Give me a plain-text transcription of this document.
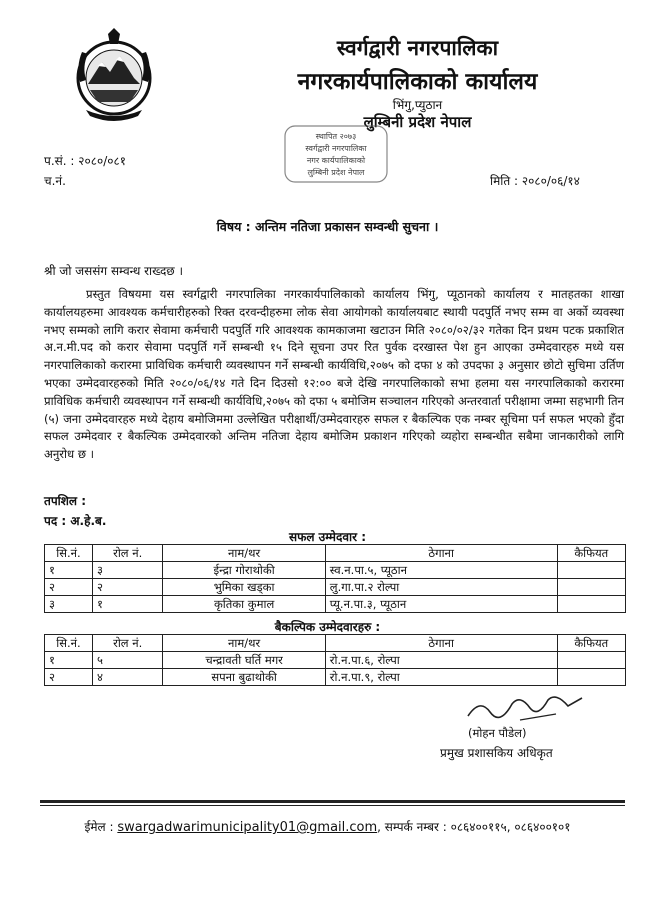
स्वर्गद्वारी नगरपालिका
नगरकार्यपालिकाको कार्यालय
भिंगु,प्युठान
लुम्बिनी प्रदेश नेपाल
स्थापित २०७३
स्वर्गद्वारी नगरपालिका
नगर कार्यपालिकाको
लुम्बिनी प्रदेश नेपाल
प.सं. : २०८०/०८१
च.नं.	मिति : २०८०/०६/१४
विषय : अन्तिम नतिजा प्रकासन सम्वन्धी सुचना ।
श्री जो जससंग सम्वन्ध राख्दछ ।
प्रस्तुत विषयमा यस स्वर्गद्वारी नगरपालिका नगरकार्यपालिकाको कार्यालय भिंगु, प्यूठानको कार्यालय र मातहतका शाखा कार्यालयहरुमा आवश्यक कर्मचारीहरुको रिक्त दरवन्दीहरुमा लोक सेवा आयोगको कार्यालयबाट स्थायी पदपुर्ति नभए सम्म वा अर्को व्यवस्था नभए सम्मको लागि करार सेवामा कर्मचारी पदपुर्ति गरि आवश्यक कामकाजमा खटाउन मिति २०८०/०२/३२ गतेका दिन प्रथम पटक प्रकाशित अ.न.मी.पद को करार सेवामा पदपुर्ति गर्ने सम्बन्धी १५ दिने सूचना उपर रित पुर्वक दरखास्त पेश हुन आएका उम्मेदवारहरु मध्ये यस नगरपालिकाको करारमा प्राविधिक कर्मचारी व्यवस्थापन गर्ने सम्बन्धी कार्यविधि,२०७५ को दफा ४ को उपदफा ३ अनुसार छोटो सुचिमा उर्तिण भएका उम्मेदवारहरुको मिति २०८०/०६/१४ गते दिन दिउसो १२:०० बजे देखि नगरपालिकाको सभा हलमा यस नगरपालिकाको करारमा प्राविधिक कर्मचारी व्यवस्थापन गर्ने सम्बन्धी कार्यविधि,२०७५ को दफा ५ बमोजिम सञ्चालन गरिएको अन्तरवार्ता परीक्षामा जम्मा सहभागी तिन (५) जना उम्मेदवारहरु मध्ये देहाय बमोजिममा उल्लेखित परीक्षार्थी/उम्मेदवारहरु सफल र बैकल्पिक एक नम्बर सूचिमा पर्न सफल भएको हुँदा सफल उम्मेदवार र बैकल्पिक उम्मेदवारको अन्तिम नतिजा देहाय बमोजिम प्रकाशन गरिएको व्यहोरा सम्बन्धीत सबैमा जानकारीको लागि अनुरोध छ ।
तपशिल :
पद : अ.हे.ब.
सफल उम्मेदवार :
सि.नं.	रोल नं.	नाम/थर	ठेगाना	कैफियत
१	३	ईन्द्रा गोराथोकी	स्व.न.पा.५, प्यूठान	
२	२	भुमिका खड्का	लु.गा.पा.२ रोल्पा	
३	१	कृतिका कुमाल	प्यू.न.पा.३, प्यूठान	
बैकल्पिक उम्मेदवारहरु :
सि.नं.	रोल नं.	नाम/थर	ठेगाना	कैफियत
१	५	चन्द्रावती घर्ति मगर	रो.न.पा.६, रोल्पा	
२	४	सपना बुढाथोकी	रो.न.पा.९, रोल्पा	
(मोहन पौडेल)
प्रमुख प्रशासकिय अधिकृत
ईमेल : swargadwarimunicipality01@gmail.com, सम्पर्क नम्बर : ०८६४००११५, ०८६४००१०१
